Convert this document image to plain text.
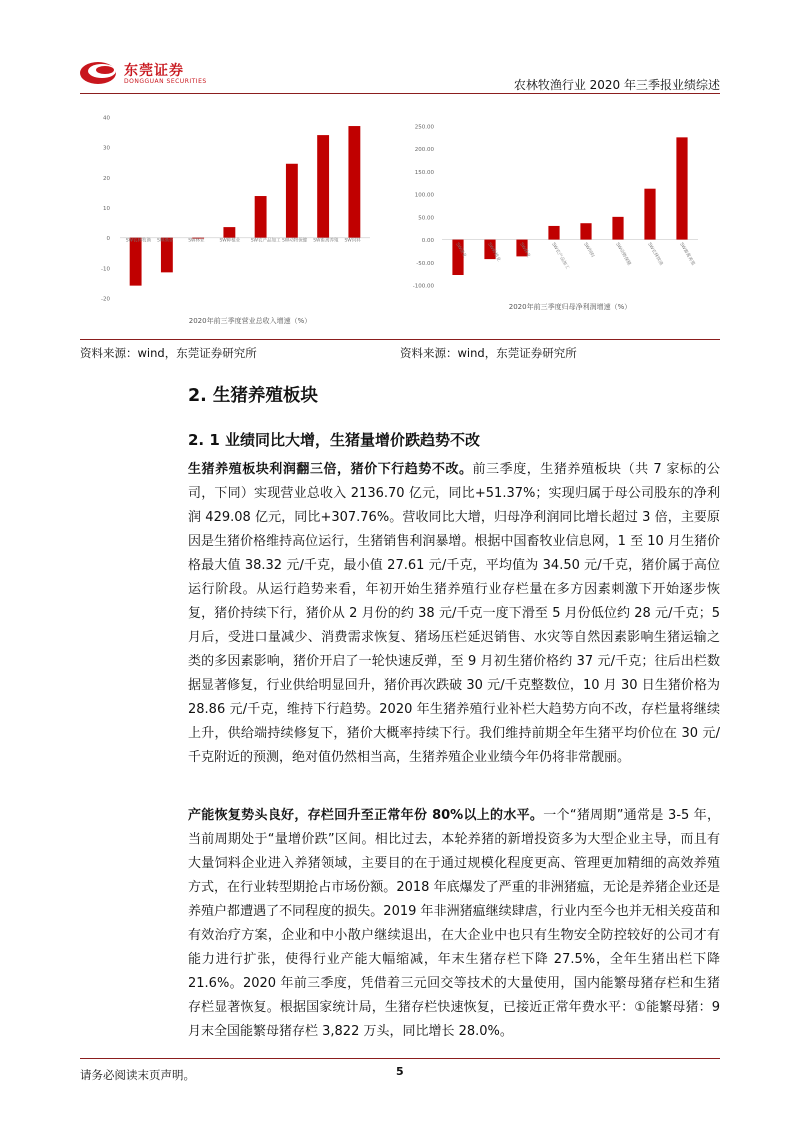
东莞证券
DONGGUAN SECURITIES	农林牧渔行业 2020 年三季报业绩综述
-20
-10
0
10
20
30
40
SW农林牧渔 SW渔业	SW林业	SW种植业 SW农产品加工 SW动物保健 SW畜禽养殖 SW饲料
2020年前三季度营业总收入增速（%）
-100.00
-50.00
0.00
50.00
100.00
150.00
200.00
250.00
SW渔业	SW种植业	SW林业	SW农产品加工	SW饲料	SW动物保健	SW农林牧渔	SW畜禽养殖
2020年前三季度归母净利润增速（%）
资料来源：wind，东莞证券研究所	资料来源：wind，东莞证券研究所
2. 生猪养殖板块
2. 1 业绩同比大增，生猪量增价跌趋势不改
生猪养殖板块利润翻三倍，猪价下行趋势不改。前三季度，生猪养殖板块（共 7 家标的公司，下同）实现营业总收入 2136.70 亿元，同比+51.37%；实现归属于母公司股东的净利润 429.08 亿元，同比+307.76%。营收同比大增，归母净利润同比增长超过 3 倍，主要原因是生猪价格维持高位运行，生猪销售利润暴增。根据中国畜牧业信息网，1 至 10 月生猪价格最大值 38.32 元/千克，最小值 27.61 元/千克，平均值为 34.50 元/千克，猪价属于高位运行阶段。从运行趋势来看，年初开始生猪养殖行业存栏量在多方因素刺激下开始逐步恢复，猪价持续下行，猪价从 2 月份的约 38 元/千克一度下滑至 5 月份低位约 28 元/千克；5 月后，受进口量减少、消费需求恢复、猪场压栏延迟销售、水灾等自然因素影响生猪运输之类的多因素影响，猪价开启了一轮快速反弹，至 9 月初生猪价格约 37 元/千克；往后出栏数据显著修复，行业供给明显回升，猪价再次跌破 30 元/千克整数位，10 月 30 日生猪价格为 28.86 元/千克，维持下行趋势。2020 年生猪养殖行业补栏大趋势方向不改，存栏量将继续上升，供给端持续修复下，猪价大概率持续下行。我们维持前期全年生猪平均价位在 30 元/千克附近的预测，绝对值仍然相当高，生猪养殖企业业绩今年仍将非常靓丽。
产能恢复势头良好，存栏回升至正常年份 80%以上的水平。一个“猪周期”通常是 3-5 年，当前周期处于“量增价跌”区间。相比过去，本轮养猪的新增投资多为大型企业主导，而且有大量饲料企业进入养猪领域，主要目的在于通过规模化程度更高、管理更加精细的高效养殖方式，在行业转型期抢占市场份额。2018 年底爆发了严重的非洲猪瘟，无论是养猪企业还是养殖户都遭遇了不同程度的损失。2019 年非洲猪瘟继续肆虐，行业内至今也并无相关疫苗和有效治疗方案，企业和中小散户继续退出，在大企业中也只有生物安全防控较好的公司才有能力进行扩张，使得行业产能大幅缩减，年末生猪存栏下降 27.5%，全年生猪出栏下降 21.6%。2020 年前三季度，凭借着三元回交等技术的大量使用，国内能繁母猪存栏和生猪存栏显著恢复。根据国家统计局，生猪存栏快速恢复，已接近正常年费水平：①能繁母猪：9 月末全国能繁母猪存栏 3,822 万头，同比增长 28.0%。
请务必阅读末页声明。	5
